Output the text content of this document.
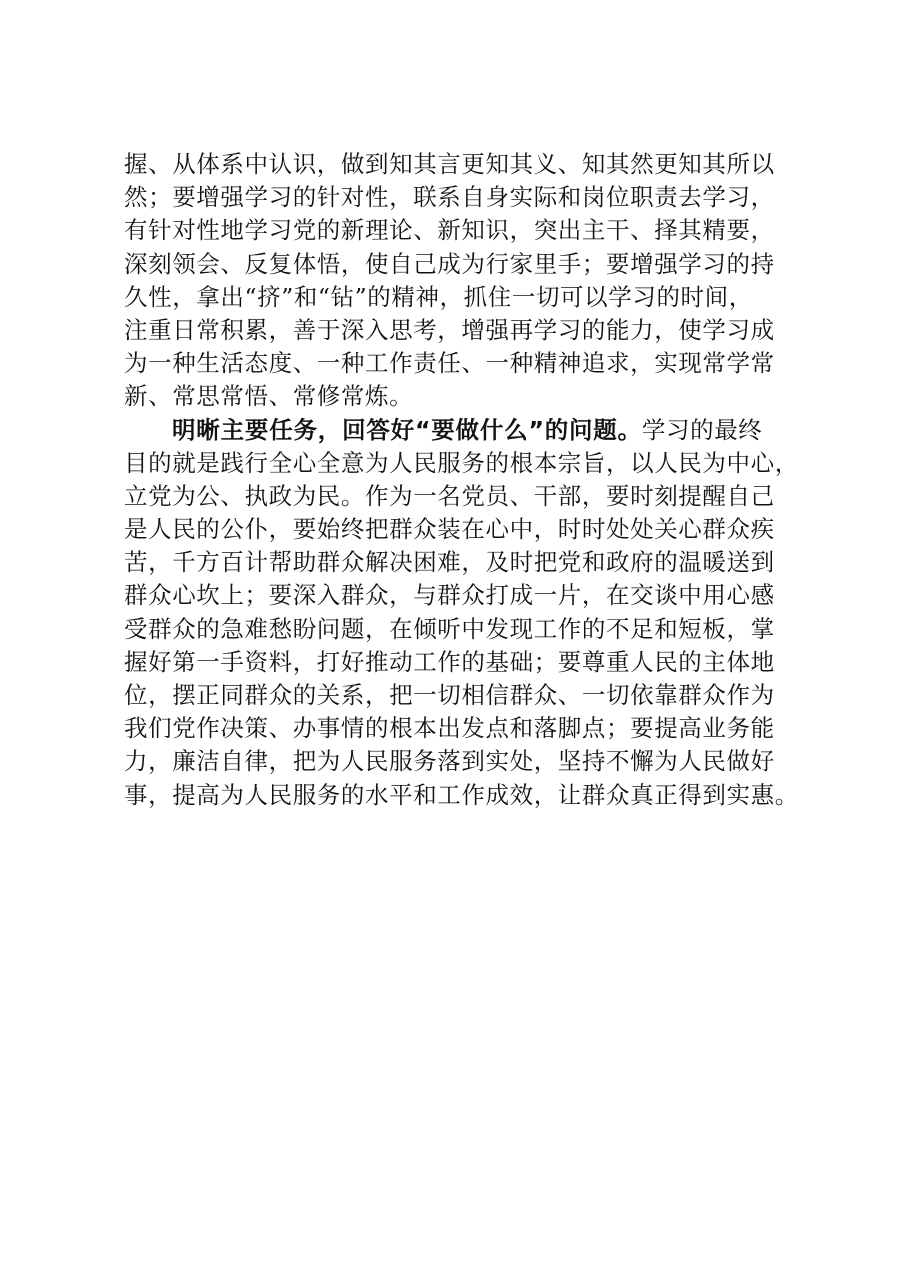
握、从体系中认识，做到知其言更知其义、知其然更知其所以
然；要增强学习的针对性，联系自身实际和岗位职责去学习，
有针对性地学习党的新理论、新知识，突出主干、择其精要，
深刻领会、反复体悟，使自己成为行家里手；要增强学习的持
久性，拿出“挤”和“钻”的精神，抓住一切可以学习的时间，
注重日常积累，善于深入思考，增强再学习的能力，使学习成
为一种生活态度、一种工作责任、一种精神追求，实现常学常
新、常思常悟、常修常炼。
明晰主要任务，回答好“要做什么”的问题。学习的最终
目的就是践行全心全意为人民服务的根本宗旨，以人民为中心，
立党为公、执政为民。作为一名党员、干部，要时刻提醒自己
是人民的公仆，要始终把群众装在心中，时时处处关心群众疾
苦，千方百计帮助群众解决困难，及时把党和政府的温暖送到
群众心坎上；要深入群众，与群众打成一片，在交谈中用心感
受群众的急难愁盼问题，在倾听中发现工作的不足和短板，掌
握好第一手资料，打好推动工作的基础；要尊重人民的主体地
位，摆正同群众的关系，把一切相信群众、一切依靠群众作为
我们党作决策、办事情的根本出发点和落脚点；要提高业务能
力，廉洁自律，把为人民服务落到实处，坚持不懈为人民做好
事，提高为人民服务的水平和工作成效，让群众真正得到实惠。
